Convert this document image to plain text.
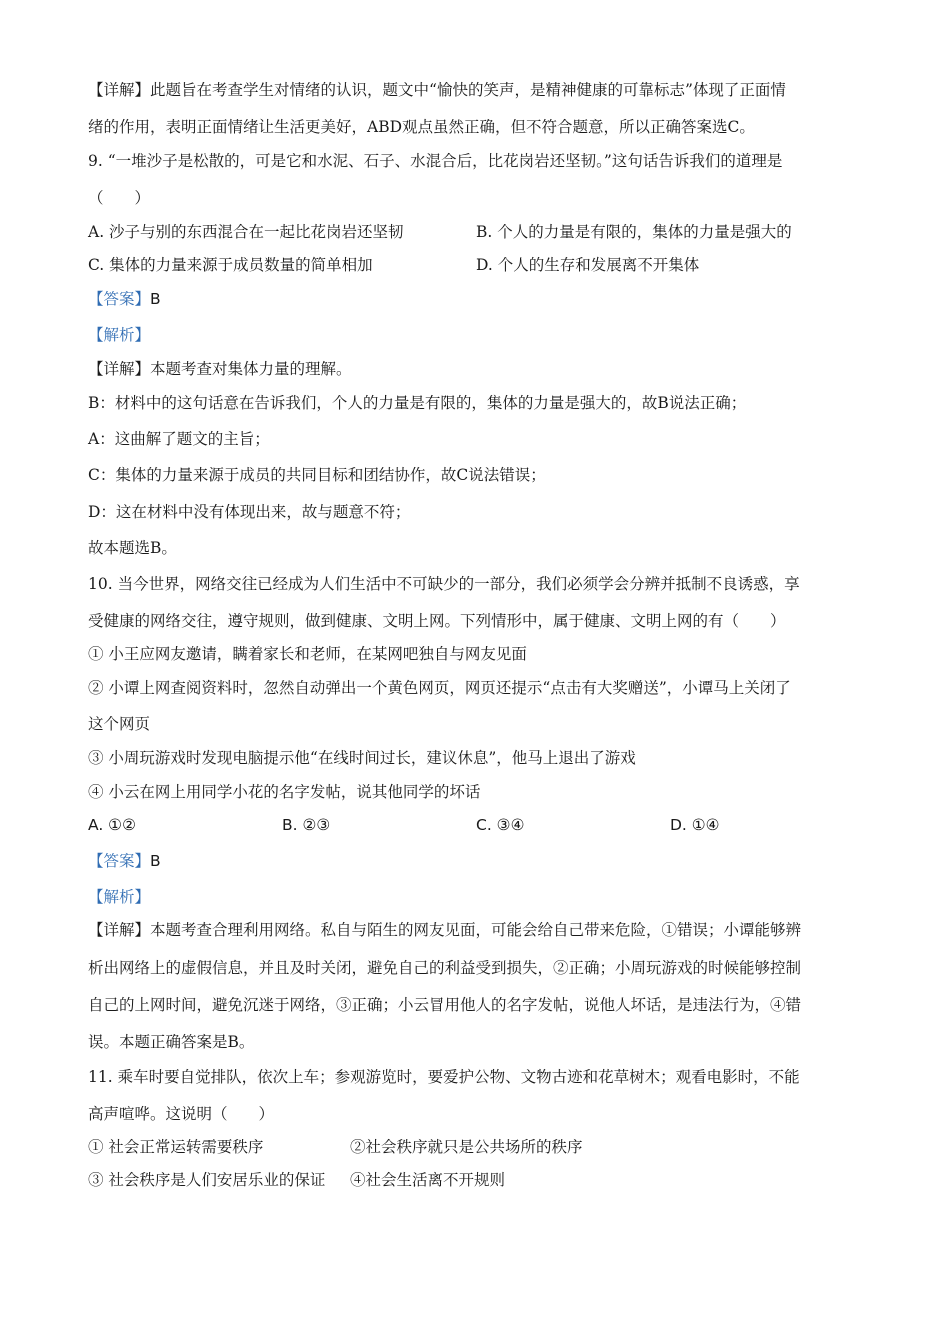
【详解】此题旨在考查学生对情绪的认识，题文中“愉快的笑声，是精神健康的可靠标志”体现了正面情
绪的作用，表明正面情绪让生活更美好，ABD观点虽然正确，但不符合题意，所以正确答案选C。
9. “一堆沙子是松散的，可是它和水泥、石子、水混合后，比花岗岩还坚韧。”这句话告诉我们的道理是
（　　）
A. 沙子与别的东西混合在一起比花岗岩还坚韧	B. 个人的力量是有限的，集体的力量是强大的
C. 集体的力量来源于成员数量的简单相加	D. 个人的生存和发展离不开集体
【答案】B
【解析】
【详解】本题考查对集体力量的理解。
B：材料中的这句话意在告诉我们，个人的力量是有限的，集体的力量是强大的，故B说法正确；
A：这曲解了题文的主旨；
C：集体的力量来源于成员的共同目标和团结协作，故C说法错误；
D：这在材料中没有体现出来，故与题意不符；
故本题选B。
10. 当今世界，网络交往已经成为人们生活中不可缺少的一部分，我们必须学会分辨并抵制不良诱惑，享
受健康的网络交往，遵守规则，做到健康、文明上网。下列情形中，属于健康、文明上网的有（　　）
① 小王应网友邀请，瞒着家长和老师，在某网吧独自与网友见面
② 小谭上网查阅资料时，忽然自动弹出一个黄色网页，网页还提示“点击有大奖赠送”，小谭马上关闭了
这个网页
③ 小周玩游戏时发现电脑提示他“在线时间过长，建议休息”，他马上退出了游戏
④ 小云在网上用同学小花的名字发帖，说其他同学的坏话
A. ①②	B. ②③	C. ③④	D. ①④
【答案】B
【解析】
【详解】本题考查合理利用网络。私自与陌生的网友见面，可能会给自己带来危险，①错误；小谭能够辨
析出网络上的虚假信息，并且及时关闭，避免自己的利益受到损失，②正确；小周玩游戏的时候能够控制
自己的上网时间，避免沉迷于网络，③正确；小云冒用他人的名字发帖，说他人坏话，是违法行为，④错
误。本题正确答案是B。
11. 乘车时要自觉排队，依次上车；参观游览时，要爱护公物、文物古迹和花草树木；观看电影时，不能
高声喧哗。这说明（　　）
① 社会正常运转需要秩序	②社会秩序就只是公共场所的秩序
③ 社会秩序是人们安居乐业的保证 ④社会生活离不开规则
